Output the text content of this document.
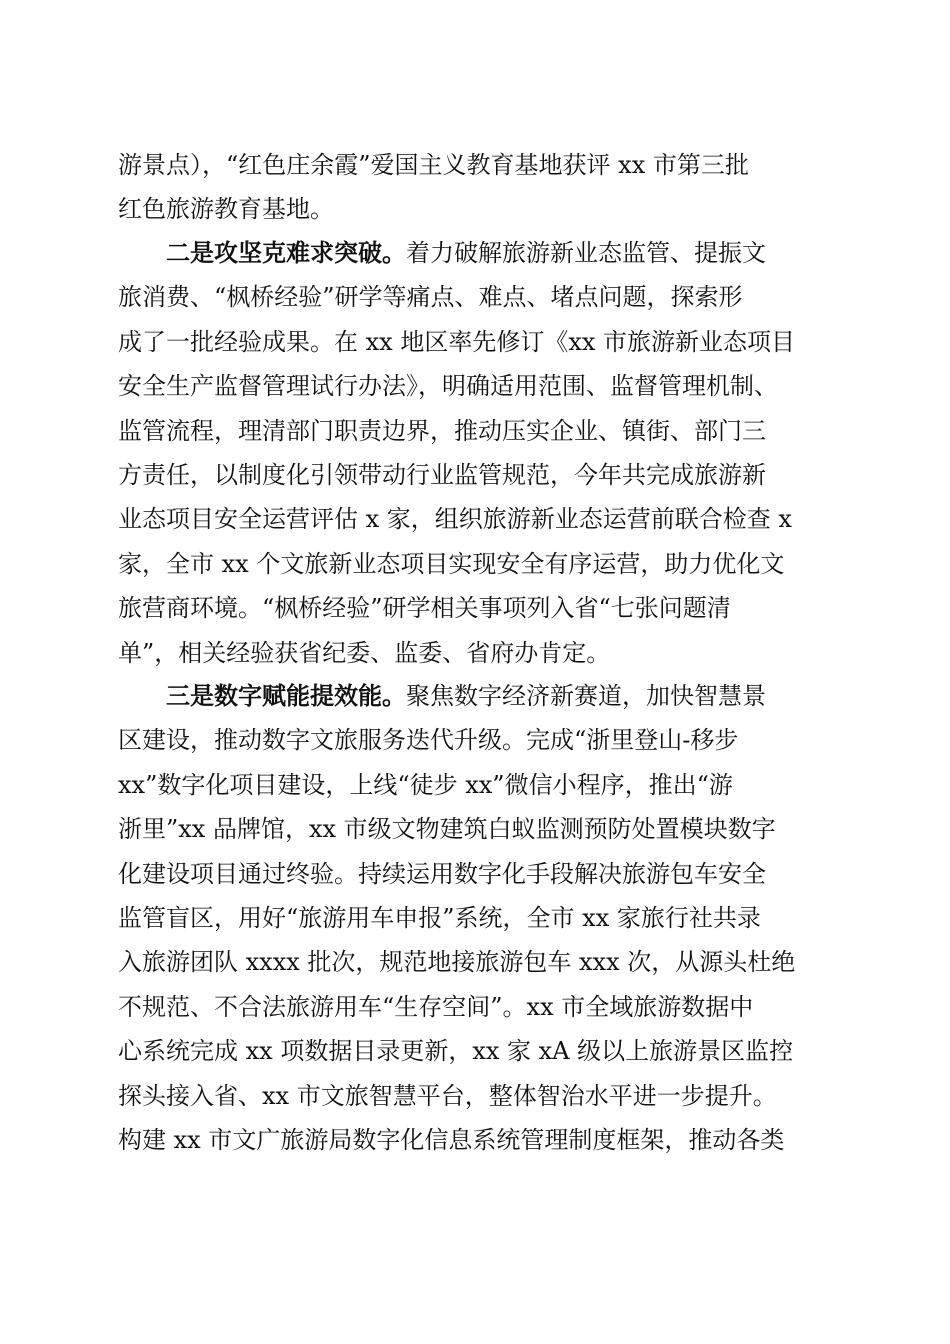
游景点），“红色庄余霞”爱国主义教育基地获评 xx 市第三批
红色旅游教育基地。
二是攻坚克难求突破。着力破解旅游新业态监管、提振文
旅消费、“枫桥经验”研学等痛点、难点、堵点问题，探索形
成了一批经验成果。在 xx 地区率先修订《xx 市旅游新业态项目
安全生产监督管理试行办法》，明确适用范围、监督管理机制、
监管流程，理清部门职责边界，推动压实企业、镇街、部门三
方责任，以制度化引领带动行业监管规范，今年共完成旅游新
业态项目安全运营评估 x 家，组织旅游新业态运营前联合检查 x
家，全市 xx 个文旅新业态项目实现安全有序运营，助力优化文
旅营商环境。“枫桥经验”研学相关事项列入省“七张问题清
单”，相关经验获省纪委、监委、省府办肯定。
三是数字赋能提效能。聚焦数字经济新赛道，加快智慧景
区建设，推动数字文旅服务迭代升级。完成“浙里登山-移步
xx”数字化项目建设，上线“徒步 xx”微信小程序，推出“游
浙里”xx 品牌馆，xx 市级文物建筑白蚁监测预防处置模块数字
化建设项目通过终验。持续运用数字化手段解决旅游包车安全
监管盲区，用好“旅游用车申报”系统，全市 xx 家旅行社共录
入旅游团队 xxxx 批次，规范地接旅游包车 xxx 次，从源头杜绝
不规范、不合法旅游用车“生存空间”。xx 市全域旅游数据中
心系统完成 xx 项数据目录更新，xx 家 xA 级以上旅游景区监控
探头接入省、xx 市文旅智慧平台，整体智治水平进一步提升。
构建 xx 市文广旅游局数字化信息系统管理制度框架，推动各类
